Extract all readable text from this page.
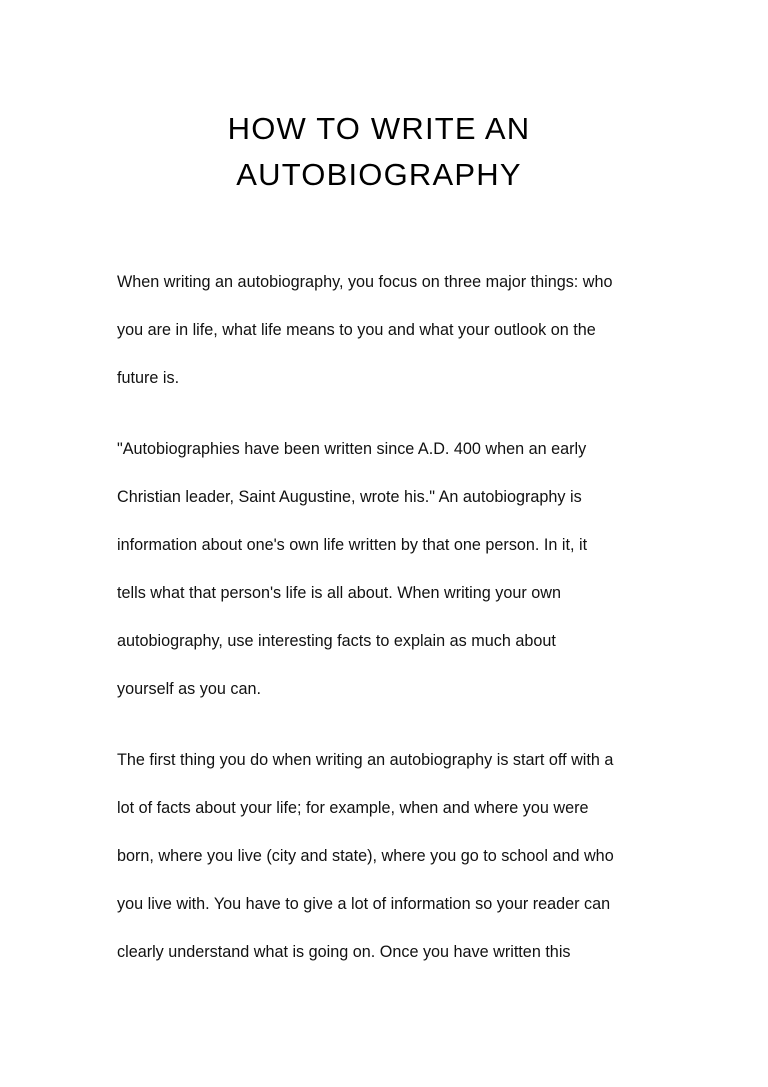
HOW TO WRITE AN
AUTOBIOGRAPHY
When writing an autobiography, you focus on three major things: who
you are in life, what life means to you and what your outlook on the
future is.
"Autobiographies have been written since A.D. 400 when an early
Christian leader, Saint Augustine, wrote his." An autobiography is
information about one's own life written by that one person. In it, it
tells what that person's life is all about. When writing your own
autobiography, use interesting facts to explain as much about
yourself as you can.
The first thing you do when writing an autobiography is start off with a
lot of facts about your life; for example, when and where you were
born, where you live (city and state), where you go to school and who
you live with. You have to give a lot of information so your reader can
clearly understand what is going on. Once you have written this
